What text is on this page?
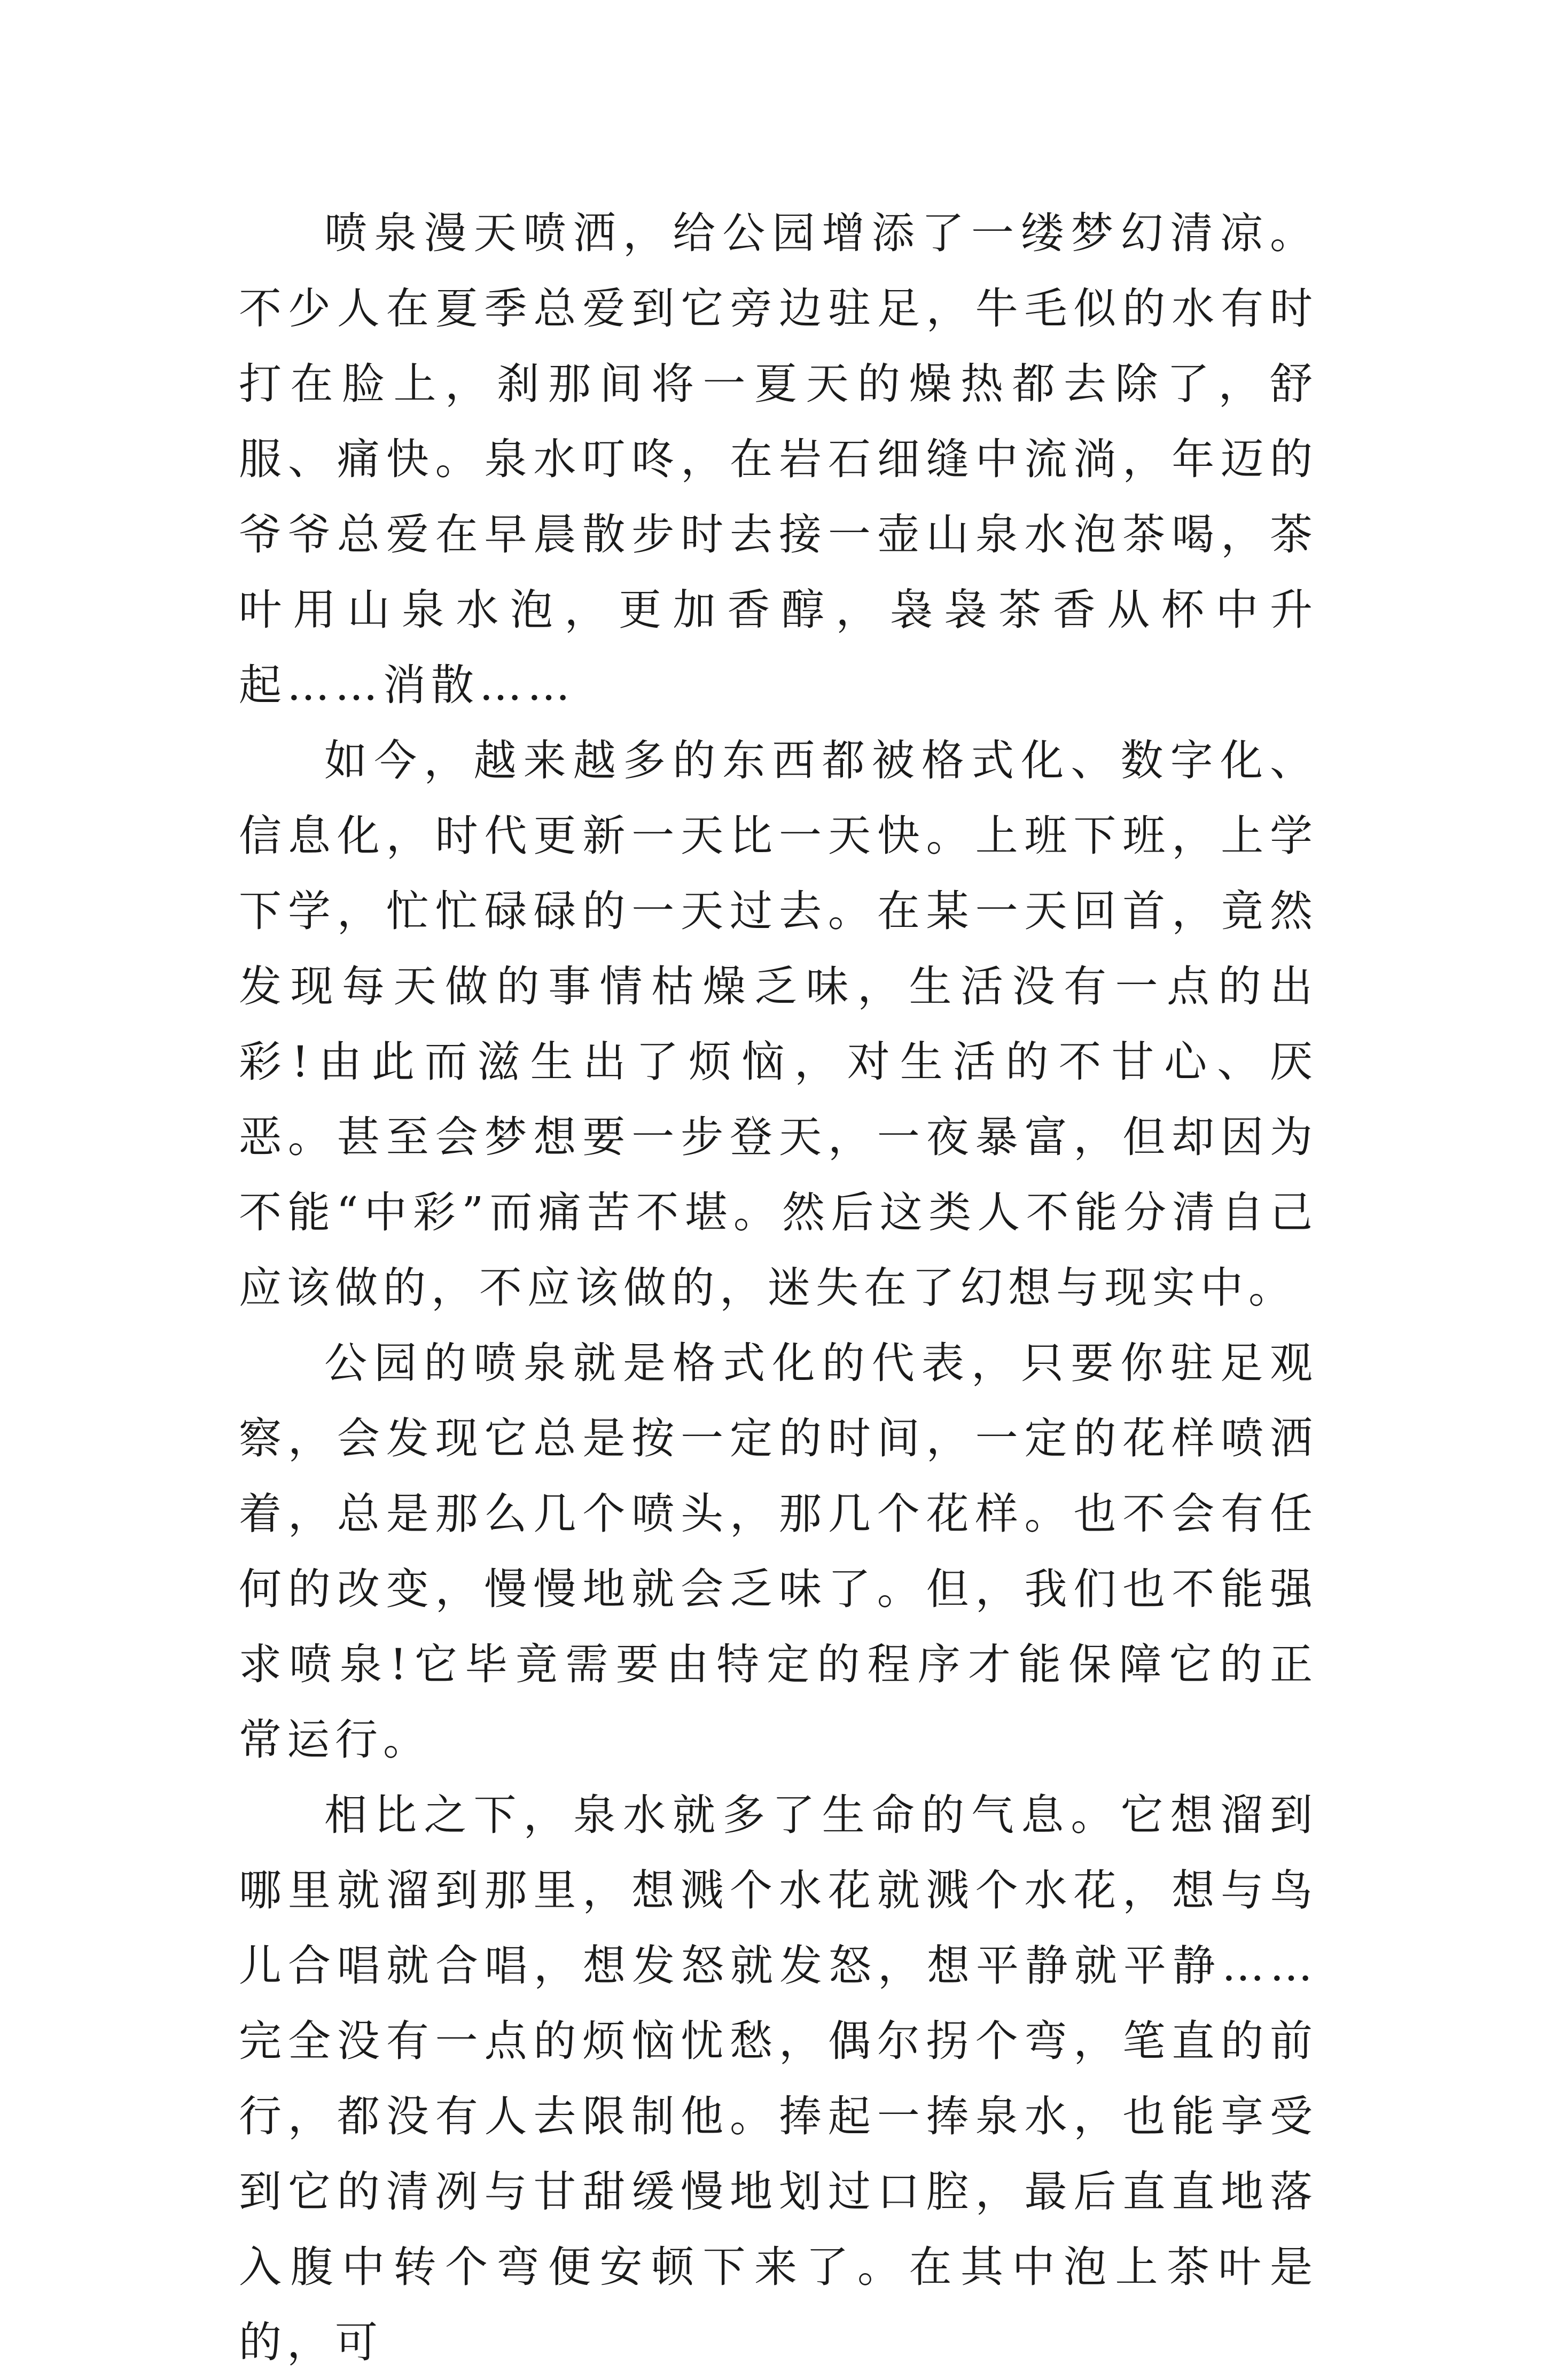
喷泉漫天喷洒，给公园增添了一缕梦幻清凉。不少人在夏季总爱到它旁边驻足，牛毛似的水有时打在脸上，刹那间将一夏天的燥热都去除了，舒服、痛快。泉水叮咚，在岩石细缝中流淌，年迈的爷爷总爱在早晨散步时去接一壶山泉水泡茶喝，茶叶用山泉水泡，更加香醇，袅袅茶香从杯中升起……消散……

如今，越来越多的东西都被格式化、数字化、信息化，时代更新一天比一天快。上班下班，上学下学，忙忙碌碌的一天过去。在某一天回首，竟然发现每天做的事情枯燥乏味，生活没有一点的出彩!由此而滋生出了烦恼，对生活的不甘心、厌恶。甚至会梦想要一步登天，一夜暴富，但却因为不能“中彩”而痛苦不堪。然后这类人不能分清自己应该做的，不应该做的，迷失在了幻想与现实中。

公园的喷泉就是格式化的代表，只要你驻足观察，会发现它总是按一定的时间，一定的花样喷洒着，总是那么几个喷头，那几个花样。也不会有任何的改变，慢慢地就会乏味了。但，我们也不能强求喷泉!它毕竟需要由特定的程序才能保障它的正常运行。

相比之下，泉水就多了生命的气息。它想溜到哪里就溜到那里，想溅个水花就溅个水花，想与鸟儿合唱就合唱，想发怒就发怒，想平静就平静……完全没有一点的烦恼忧愁，偶尔拐个弯，笔直的前行，都没有人去限制他。捧起一捧泉水，也能享受到它的清冽与甘甜缓慢地划过口腔，最后直直地落入腹中转个弯便安顿下来了。在其中泡上茶叶是的，可
